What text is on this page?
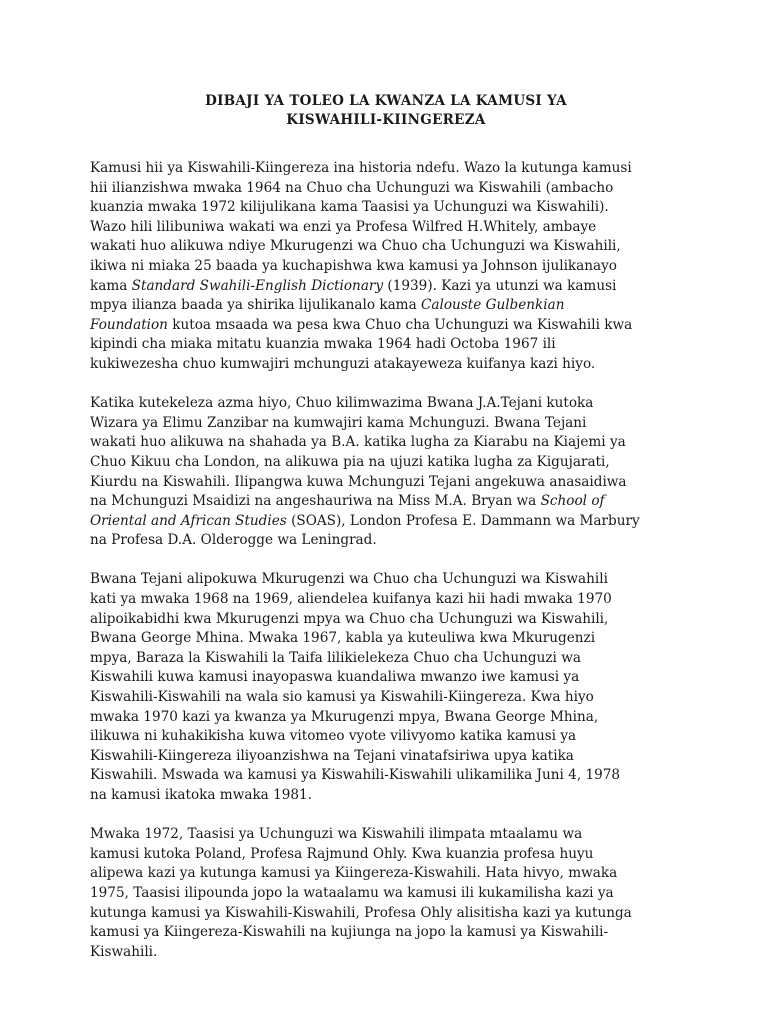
DIBAJI YA TOLEO LA KWANZA LA KAMUSI YA
KISWAHILI-KIINGEREZA
Kamusi hii ya Kiswahili-Kiingereza ina historia ndefu. Wazo la kutunga kamusi
hii ilianzishwa mwaka 1964 na Chuo cha Uchunguzi wa Kiswahili (ambacho
kuanzia mwaka 1972 kilijulikana kama Taasisi ya Uchunguzi wa Kiswahili).
Wazo hili lilibuniwa wakati wa enzi ya Profesa Wilfred H.Whitely, ambaye
wakati huo alikuwa ndiye Mkurugenzi wa Chuo cha Uchunguzi wa Kiswahili,
ikiwa ni miaka 25 baada ya kuchapishwa kwa kamusi ya Johnson ijulikanayo
kama Standard Swahili-English Dictionary (1939). Kazi ya utunzi wa kamusi
mpya ilianza baada ya shirika lijulikanalo kama Calouste Gulbenkian
Foundation kutoa msaada wa pesa kwa Chuo cha Uchunguzi wa Kiswahili kwa
kipindi cha miaka mitatu kuanzia mwaka 1964 hadi Octoba 1967 ili
kukiwezesha chuo kumwajiri mchunguzi atakayeweza kuifanya kazi hiyo.
Katika kutekeleza azma hiyo, Chuo kilimwazima Bwana J.A.Tejani kutoka
Wizara ya Elimu Zanzibar na kumwajiri kama Mchunguzi. Bwana Tejani
wakati huo alikuwa na shahada ya B.A. katika lugha za Kiarabu na Kiajemi ya
Chuo Kikuu cha London, na alikuwa pia na ujuzi katika lugha za Kigujarati,
Kiurdu na Kiswahili. Ilipangwa kuwa Mchunguzi Tejani angekuwa anasaidiwa
na Mchunguzi Msaidizi na angeshauriwa na Miss M.A. Bryan wa School of
Oriental and African Studies (SOAS), London Profesa E. Dammann wa Marbury
na Profesa D.A. Olderogge wa Leningrad.
Bwana Tejani alipokuwa Mkurugenzi wa Chuo cha Uchunguzi wa Kiswahili
kati ya mwaka 1968 na 1969, aliendelea kuifanya kazi hii hadi mwaka 1970
alipoikabidhi kwa Mkurugenzi mpya wa Chuo cha Uchunguzi wa Kiswahili,
Bwana George Mhina. Mwaka 1967, kabla ya kuteuliwa kwa Mkurugenzi
mpya, Baraza la Kiswahili la Taifa lilikielekeza Chuo cha Uchunguzi wa
Kiswahili kuwa kamusi inayopaswa kuandaliwa mwanzo iwe kamusi ya
Kiswahili-Kiswahili na wala sio kamusi ya Kiswahili-Kiingereza. Kwa hiyo
mwaka 1970 kazi ya kwanza ya Mkurugenzi mpya, Bwana George Mhina,
ilikuwa ni kuhakikisha kuwa vitomeo vyote vilivyomo katika kamusi ya
Kiswahili-Kiingereza iliyoanzishwa na Tejani vinatafsiriwa upya katika
Kiswahili. Mswada wa kamusi ya Kiswahili-Kiswahili ulikamilika Juni 4, 1978
na kamusi ikatoka mwaka 1981.
Mwaka 1972, Taasisi ya Uchunguzi wa Kiswahili ilimpata mtaalamu wa
kamusi kutoka Poland, Profesa Rajmund Ohly. Kwa kuanzia profesa huyu
alipewa kazi ya kutunga kamusi ya Kiingereza-Kiswahili. Hata hivyo, mwaka
1975, Taasisi ilipounda jopo la wataalamu wa kamusi ili kukamilisha kazi ya
kutunga kamusi ya Kiswahili-Kiswahili, Profesa Ohly alisitisha kazi ya kutunga
kamusi ya Kiingereza-Kiswahili na kujiunga na jopo la kamusi ya Kiswahili-
Kiswahili.
